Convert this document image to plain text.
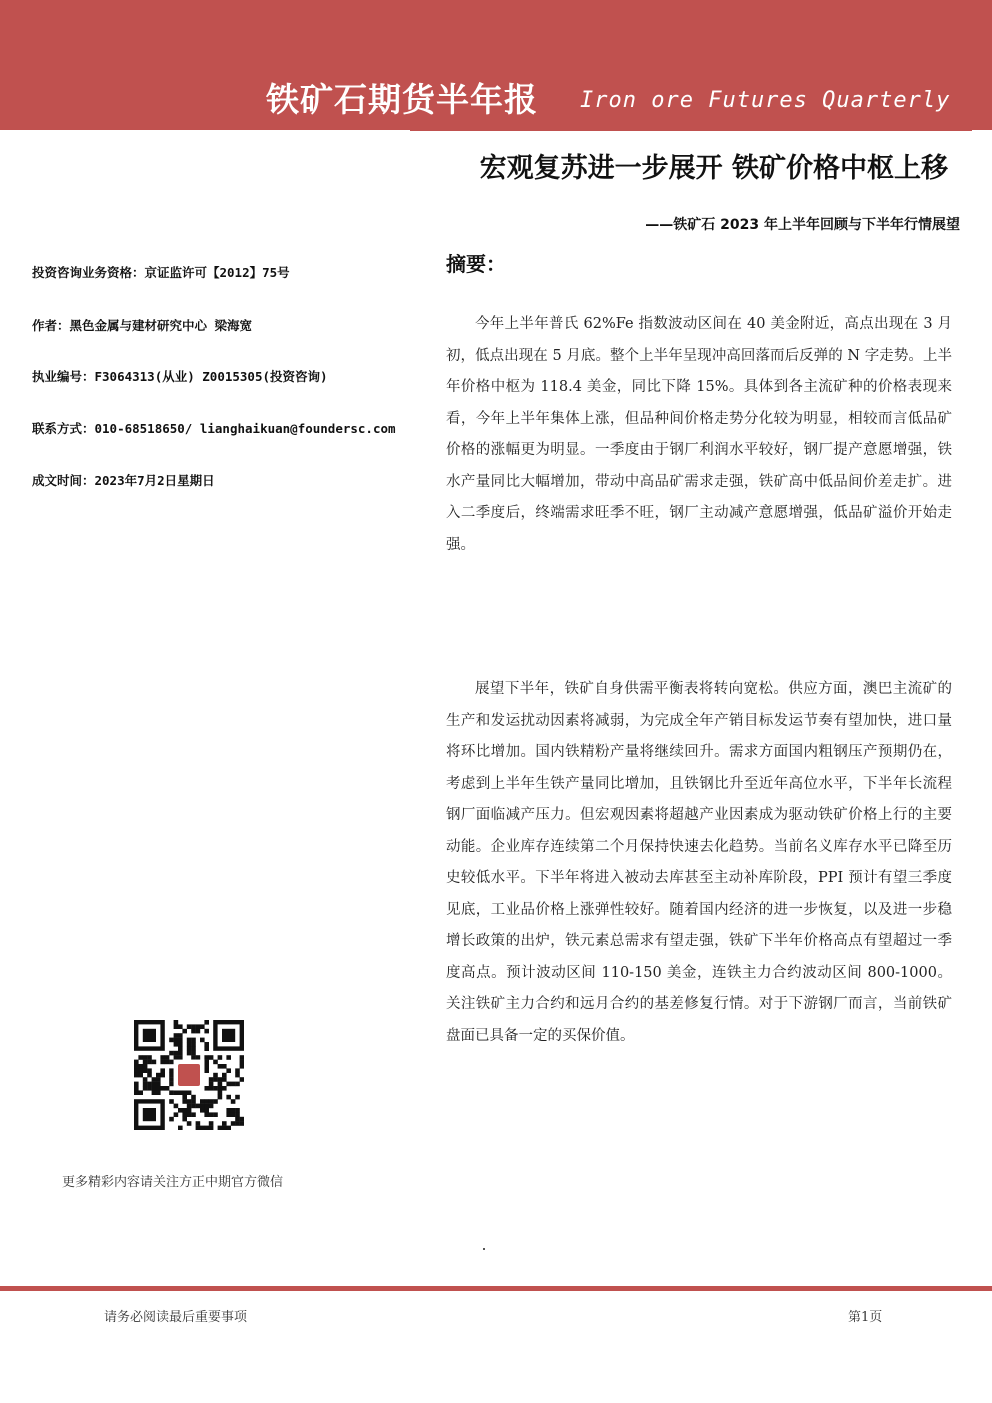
铁矿石期货半年报 Iron ore Futures Quarterly
宏观复苏进一步展开 铁矿价格中枢上移
——铁矿石 2023 年上半年回顾与下半年行情展望
投资咨询业务资格：京证监许可【2012】75号
作者：黑色金属与建材研究中心 梁海宽
执业编号：F3064313(从业) Z0015305(投资咨询)
联系方式：010-68518650/ lianghaikuan@foundersc.com
成文时间：2023年7月2日星期日
更多精彩内容请关注方正中期官方微信
摘要：

今年上半年普氏 62%Fe 指数波动区间在 40 美金附近，高点出现在 3 月初，低点出现在 5 月底。整个上半年呈现冲高回落而后反弹的 N 字走势。上半年价格中枢为 118.4 美金，同比下降 15%。具体到各主流矿种的价格表现来看，今年上半年集体上涨，但品种间价格走势分化较为明显，相较而言低品矿价格的涨幅更为明显。一季度由于钢厂利润水平较好，钢厂提产意愿增强，铁水产量同比大幅增加，带动中高品矿需求走强，铁矿高中低品间价差走扩。进入二季度后，终端需求旺季不旺，钢厂主动减产意愿增强，低品矿溢价开始走强。

展望下半年，铁矿自身供需平衡表将转向宽松。供应方面，澳巴主流矿的生产和发运扰动因素将减弱，为完成全年产销目标发运节奏有望加快，进口量将环比增加。国内铁精粉产量将继续回升。需求方面国内粗钢压产预期仍在，考虑到上半年生铁产量同比增加，且铁钢比升至近年高位水平，下半年长流程钢厂面临减产压力。但宏观因素将超越产业因素成为驱动铁矿价格上行的主要动能。企业库存连续第二个月保持快速去化趋势。当前名义库存水平已降至历史较低水平。下半年将进入被动去库甚至主动补库阶段，PPI 预计有望三季度见底，工业品价格上涨弹性较好。随着国内经济的进一步恢复，以及进一步稳增长政策的出炉，铁元素总需求有望走强，铁矿下半年价格高点有望超过一季度高点。预计波动区间 110-150 美金，连铁主力合约波动区间 800-1000。关注铁矿主力合约和远月合约的基差修复行情。对于下游钢厂而言，当前铁矿盘面已具备一定的买保价值。

请务必阅读最后重要事项	第1页
